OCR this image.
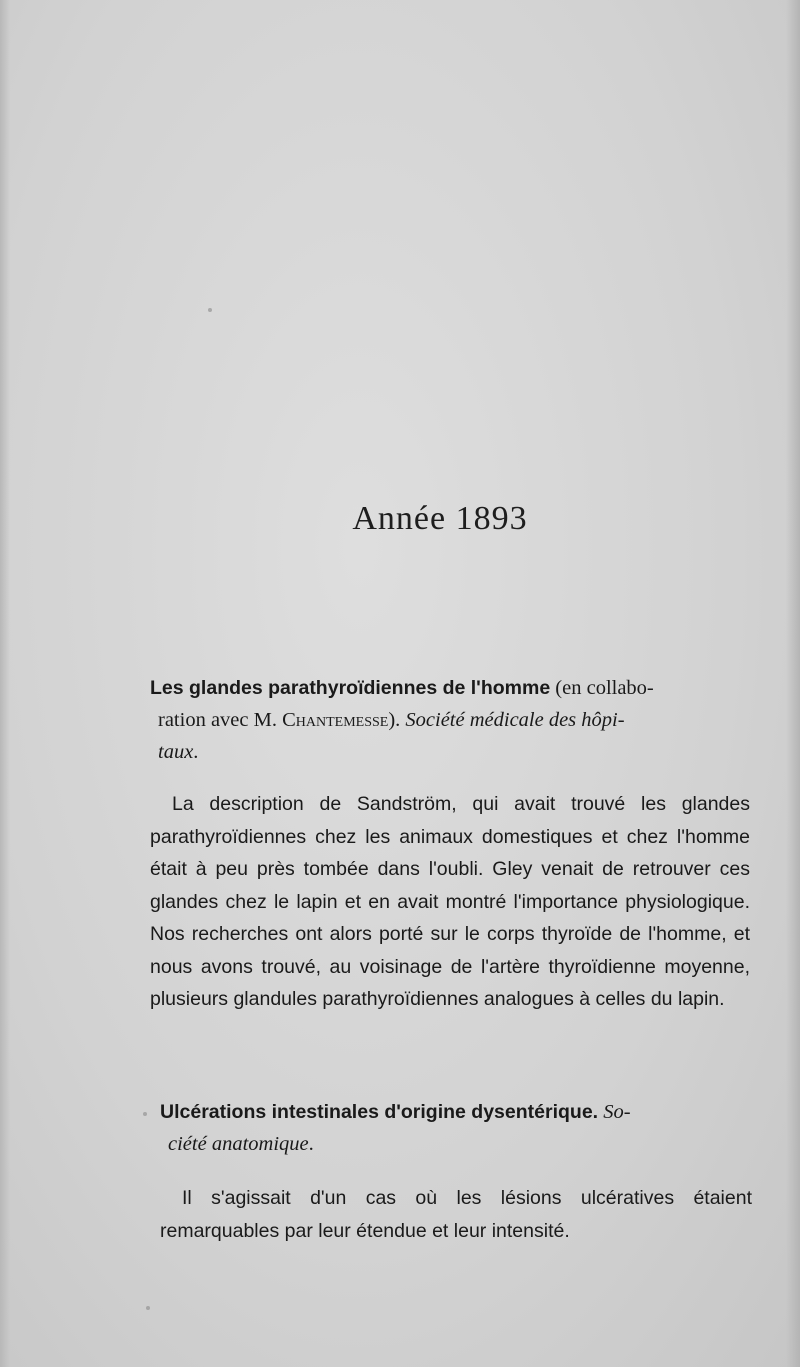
Année 1893

Les glandes parathyroïdiennes de l'homme (en collabo-
ration avec M. Chantemesse). Société médicale des hôpi-
taux.

La description de Sandström, qui avait trouvé les glandes parathyroïdiennes chez les animaux domestiques et chez l'homme était à peu près tombée dans l'oubli. Gley venait de retrouver ces glandes chez le lapin et en avait montré l'importance physiologique. Nos recherches ont alors porté sur le corps thyroïde de l'homme, et nous avons trouvé, au voisinage de l'artère thyroïdienne moyenne, plusieurs glandules parathyroïdiennes analogues à celles du lapin.

Ulcérations intestinales d'origine dysentérique. So-
ciété anatomique.

Il s'agissait d'un cas où les lésions ulcératives étaient remarquables par leur étendue et leur intensité.
